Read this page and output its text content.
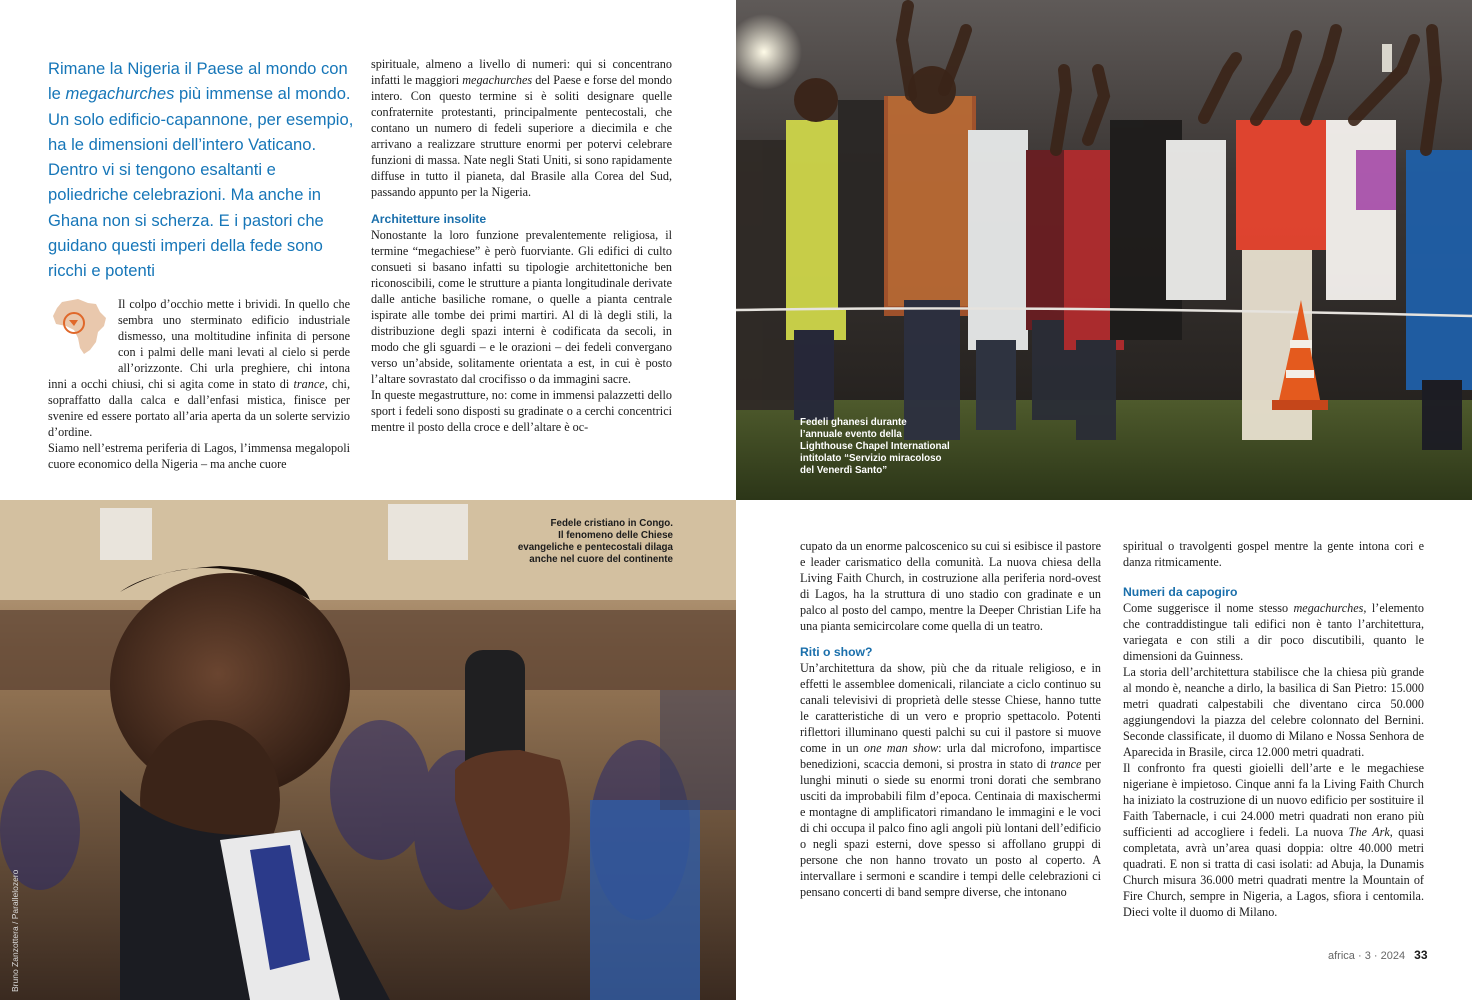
Rimane la Nigeria il Paese al mondo con le megachurches più immense al mondo. Un solo edificio-capannone, per esempio, ha le dimensioni dell’intero Vaticano. Dentro vi si tengono esaltanti e poliedriche celebrazioni. Ma anche in Ghana non si scherza. E i pastori che guidano questi imperi della fede sono ricchi e potenti

Il colpo d’occhio mette i brividi. In quello che sembra uno sterminato edificio industriale dismesso, una moltitudine infinita di persone con i palmi delle mani levati al cielo si perde all’orizzonte. Chi urla preghiere, chi intona inni a occhi chiusi, chi si agita come in stato di trance, chi, sopraffatto dalla calca e dall’enfasi mistica, finisce per svenire ed essere portato all’aria aperta da un solerte servizio d’ordine.

Siamo nell’estrema periferia di Lagos, l’immensa megalopoli cuore economico della Nigeria – ma anche cuore

spirituale, almeno a livello di numeri: qui si concentrano infatti le maggiori megachurches del Paese e forse del mondo intero. Con questo termine si è soliti designare quelle confraternite protestanti, principalmente pentecostali, che contano un numero di fedeli superiore a diecimila e che arrivano a realizzare strutture enormi per potervi celebrare funzioni di massa. Nate negli Stati Uniti, si sono rapidamente diffuse in tutto il pianeta, dal Brasile alla Corea del Sud, passando appunto per la Nigeria.

Architetture insolite

Nonostante la loro funzione prevalentemente religiosa, il termine “megachiese” è però fuorviante. Gli edifici di culto consueti si basano infatti su tipologie architettoniche ben riconoscibili, come le strutture a pianta longitudinale derivate dalle antiche basiliche romane, o quelle a pianta centrale ispirate alle tombe dei primi martiri. Al di là degli stili, la distribuzione degli spazi interni è codificata da secoli, in modo che gli sguardi – e le orazioni – dei fedeli convergano verso un’abside, solitamente orientata a est, in cui è posto l’altare sovrastato dal crocifisso o da immagini sacre.

In queste megastrutture, no: come in immensi palazzetti dello sport i fedeli sono disposti su gradinate o a cerchi concentrici mentre il posto della croce e dell’altare è oc-	Fedeli ghanesi durante
l’annuale evento della
Lighthouse Chapel International
intitolato “Servizio miracoloso
del Venerdì Santo”
Fedele cristiano in Congo.
Il fenomeno delle Chiese
evangeliche e pentecostali dilaga
anche nel cuore del continente
Bruno Zanzottera / Parallelozero

cupato da un enorme palcoscenico su cui si esibisce il pastore e leader carismatico della comunità. La nuova chiesa della Living Faith Church, in costruzione alla periferia nord-ovest di Lagos, ha la struttura di uno stadio con gradinate e un palco al posto del campo, mentre la Deeper Christian Life ha una pianta semicircolare come quella di un teatro.

Riti o show?

Un’architettura da show, più che da rituale religioso, e in effetti le assemblee domenicali, rilanciate a ciclo continuo su canali televisivi di proprietà delle stesse Chiese, hanno tutte le caratteristiche di un vero e proprio spettacolo. Potenti riflettori illuminano questi palchi su cui il pastore si muove come in un one man show: urla dal microfono, impartisce benedizioni, scaccia demoni, si prostra in stato di trance per lunghi minuti o siede su enormi troni dorati che sembrano usciti da improbabili film d’epoca. Centinaia di maxischermi e montagne di amplificatori rimandano le immagini e le voci di chi occupa il palco fino agli angoli più lontani dell’edificio o negli spazi esterni, dove spesso si affollano gruppi di persone che non hanno trovato un posto al coperto. A intervallare i sermoni e scandire i tempi delle celebrazioni ci pensano concerti di band sempre diverse, che intonano

spiritual o travolgenti gospel mentre la gente intona cori e danza ritmicamente.

Numeri da capogiro

Come suggerisce il nome stesso megachurches, l’elemento che contraddistingue tali edifici non è tanto l’architettura, variegata e con stili a dir poco discutibili, quanto le dimensioni da Guinness.

La storia dell’architettura stabilisce che la chiesa più grande al mondo è, neanche a dirlo, la basilica di San Pietro: 15.000 metri quadrati calpestabili che diventano circa 50.000 aggiungendovi la piazza del celebre colonnato del Bernini. Seconde classificate, il duomo di Milano e Nossa Senhora de Aparecida in Brasile, circa 12.000 metri quadrati.

Il confronto fra questi gioielli dell’arte e le megachiese nigeriane è impietoso. Cinque anni fa la Living Faith Church ha iniziato la costruzione di un nuovo edificio per sostituire il Faith Tabernacle, i cui 24.000 metri quadrati non erano più sufficienti ad accogliere i fedeli. La nuova The Ark, quasi completata, avrà un’area quasi doppia: oltre 40.000 metri quadrati. E non si tratta di casi isolati: ad Abuja, la Dunamis Church misura 36.000 metri quadrati mentre la Mountain of Fire Church, sempre in Nigeria, a Lagos, sfiora i centomila. Dieci volte il duomo di Milano.

africa · 3 · 2024 33
